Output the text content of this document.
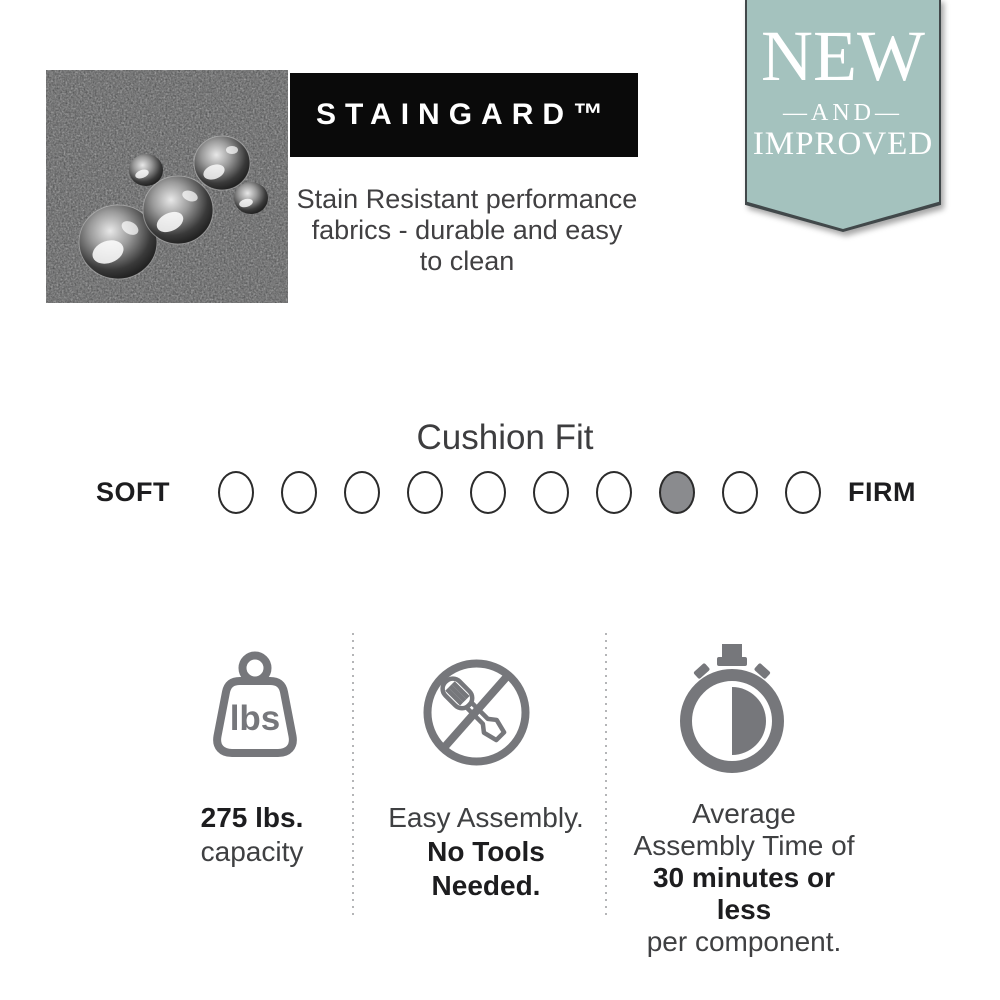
STAINGARD™
Stain Resistant performance
fabrics - durable and easy
to clean
NEW
—AND—
IMPROVED
Cushion Fit
SOFT	FIRM
lbs
275 lbs.
capacity
Easy Assembly.
No Tools
Needed.
Average
Assembly Time of
30 minutes or less
per component.
